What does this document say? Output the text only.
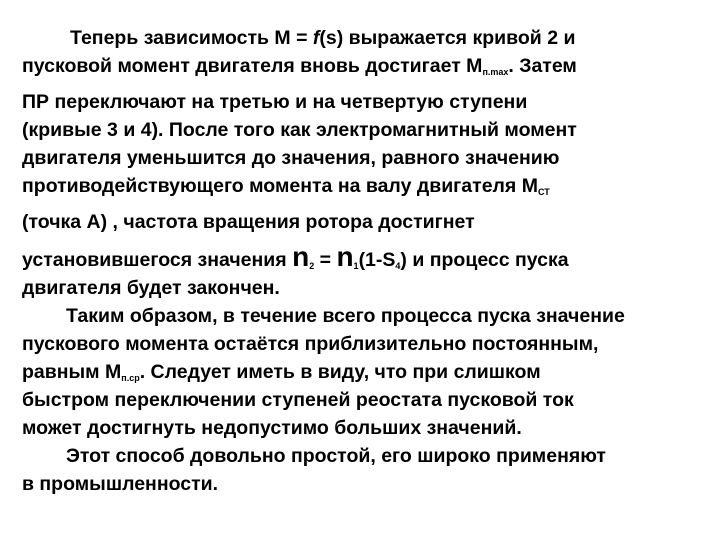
Теперь зависимость М = f(s) выражается кривой 2 и
пусковой момент двигателя вновь достигает $М_{п.max}$. Затем
ПР переключают на третью и на четвертую ступени
(кривые 3 и 4). После того как электромагнитный момент
двигателя уменьшится до значения, равного значению
противодействующего момента на валу двигателя $М_{СТ}$
(точка А) , частота вращения ротора достигнет
установившегося значения $n_2 = n_1(1-S_4)$ и процесс пуска
двигателя будет закончен.

Таким образом, в течение всего процесса пуска значение
пускового момента остаётся приблизительно постоянным,
равным $М_{п.ср}$. Следует иметь в виду, что при слишком
быстром переключении ступеней реостата пусковой ток
может достигнуть недопустимо больших значений.

Этот способ довольно простой, его широко применяют
в промышленности.
